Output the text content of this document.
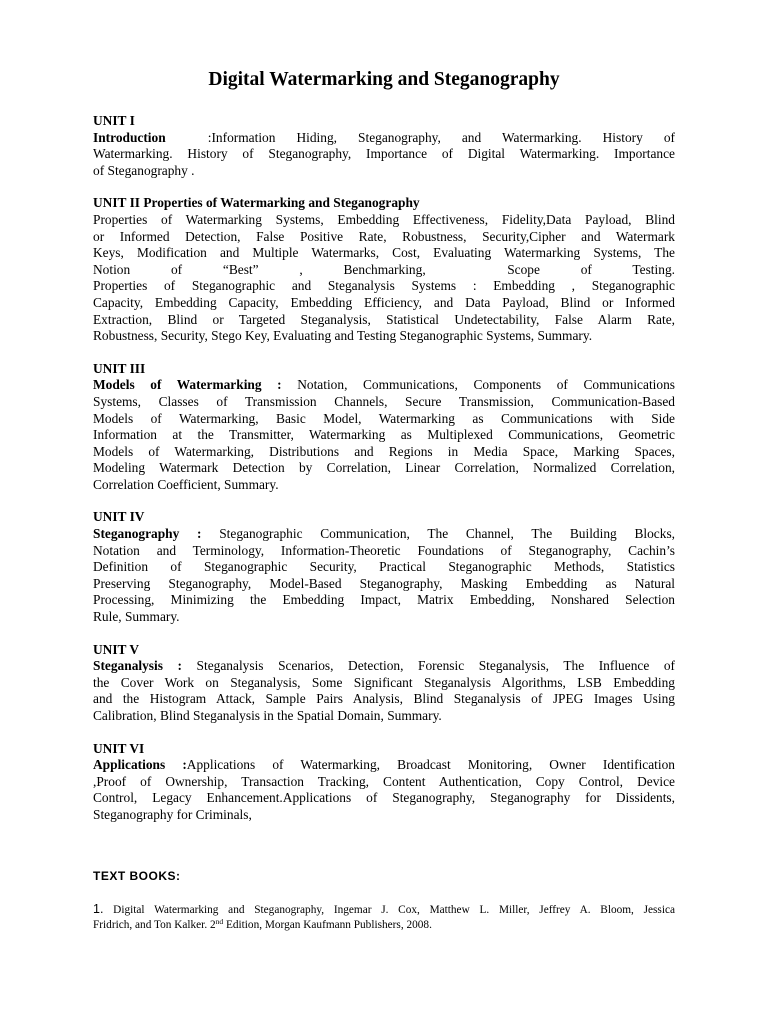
Digital Watermarking and Steganography
UNIT I
Introduction  :Information Hiding, Steganography, and Watermarking. History of
Watermarking. History of Steganography, Importance of Digital Watermarking. Importance
of Steganography .
UNIT II Properties of Watermarking and Steganography
Properties of Watermarking Systems, Embedding Effectiveness, Fidelity,Data Payload, Blind
or Informed Detection, False Positive Rate, Robustness, Security,Cipher and Watermark
Keys, Modification and Multiple Watermarks, Cost, Evaluating Watermarking Systems, The
Notion of “Best” , Benchmarking,  Scope of Testing.
Properties of Steganographic and Steganalysis Systems : Embedding , Steganographic
Capacity, Embedding Capacity, Embedding Efficiency, and Data Payload, Blind or Informed
Extraction, Blind or Targeted Steganalysis, Statistical Undetectability, False Alarm Rate,
Robustness, Security, Stego Key, Evaluating and Testing Steganographic Systems, Summary.
UNIT III
Models of Watermarking : Notation, Communications, Components of Communications
Systems, Classes of Transmission Channels, Secure Transmission, Communication-Based
Models of Watermarking, Basic Model, Watermarking as Communications with Side
Information at the Transmitter, Watermarking as Multiplexed Communications, Geometric
Models of Watermarking, Distributions and Regions in Media Space, Marking Spaces,
Modeling Watermark Detection by Correlation, Linear Correlation, Normalized Correlation,
Correlation Coefficient, Summary.
UNIT IV
Steganography : Steganographic Communication, The Channel, The Building Blocks,
Notation and Terminology, Information-Theoretic Foundations of Steganography, Cachin’s
Definition of Steganographic Security, Practical Steganographic Methods, Statistics
Preserving Steganography, Model-Based Steganography, Masking Embedding as Natural
Processing, Minimizing the Embedding Impact, Matrix Embedding, Nonshared Selection
Rule, Summary.
UNIT V
Steganalysis : Steganalysis Scenarios, Detection, Forensic Steganalysis, The Influence of
the Cover Work on Steganalysis, Some Significant Steganalysis Algorithms, LSB Embedding
and the Histogram Attack, Sample Pairs Analysis, Blind Steganalysis of JPEG Images Using
Calibration, Blind Steganalysis in the Spatial Domain, Summary.
UNIT VI
Applications :Applications of Watermarking, Broadcast Monitoring, Owner Identification
,Proof of Ownership, Transaction Tracking, Content Authentication, Copy Control, Device
Control, Legacy Enhancement.Applications of Steganography, Steganography for Dissidents,
Steganography for Criminals,
TEXT BOOKS:
1. Digital Watermarking and Steganography, Ingemar J. Cox, Matthew L. Miller, Jeffrey A. Bloom, Jessica
Fridrich, and Ton Kalker. 2nd Edition, Morgan Kaufmann Publishers, 2008.
